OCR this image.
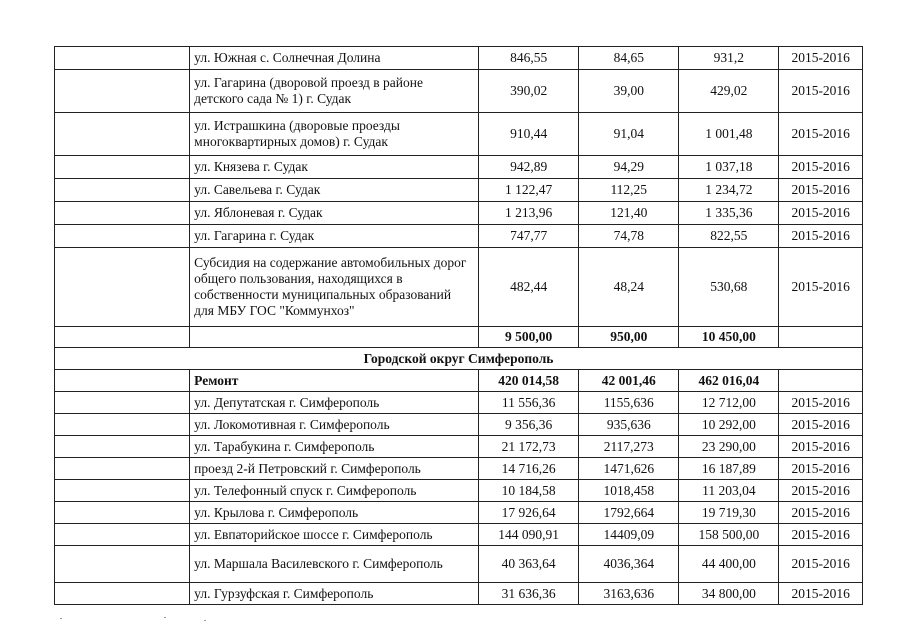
	ул. Южная с. Солнечная Долина	846,55	84,65	931,2	2015-2016
	ул. Гагарина (дворовой проезд в районе детского сада № 1) г. Судак	390,02	39,00	429,02	2015-2016
	ул. Истрашкина (дворовые проезды многоквартирных домов) г. Судак	910,44	91,04	1 001,48	2015-2016
	ул. Князева г. Судак	942,89	94,29	1 037,18	2015-2016
	ул. Савельева г. Судак	1 122,47	112,25	1 234,72	2015-2016
	ул. Яблоневая г. Судак	1 213,96	121,40	1 335,36	2015-2016
	ул. Гагарина г. Судак	747,77	74,78	822,55	2015-2016
	Субсидия на содержание автомобильных дорог общего пользования, находящихся в собственности муниципальных образований для МБУ ГОС "Коммунхоз"	482,44	48,24	530,68	2015-2016
		9 500,00	950,00	10 450,00	
Городской округ Симферополь					
	Ремонт	420 014,58	42 001,46	462 016,04	
	ул. Депутатская г. Симферополь	11 556,36	1155,636	12 712,00	2015-2016
	ул. Локомотивная г. Симферополь	9 356,36	935,636	10 292,00	2015-2016
	ул. Тарабукина г. Симферополь	21 172,73	2117,273	23 290,00	2015-2016
	проезд 2-й Петровский г. Симферополь	14 716,26	1471,626	16 187,89	2015-2016
	ул. Телефонный спуск г. Симферополь	10 184,58	1018,458	11 203,04	2015-2016
	ул. Крылова г. Симферополь	17 926,64	1792,664	19 719,30	2015-2016
	ул. Евпаторийское шоссе г. Симферополь	144 090,91	14409,09	158 500,00	2015-2016
	ул. Маршала Василевского г. Симферополь	40 363,64	4036,364	44 400,00	2015-2016
	ул. Гурзуфская г. Симферополь	31 636,36	3163,636	34 800,00	2015-2016
